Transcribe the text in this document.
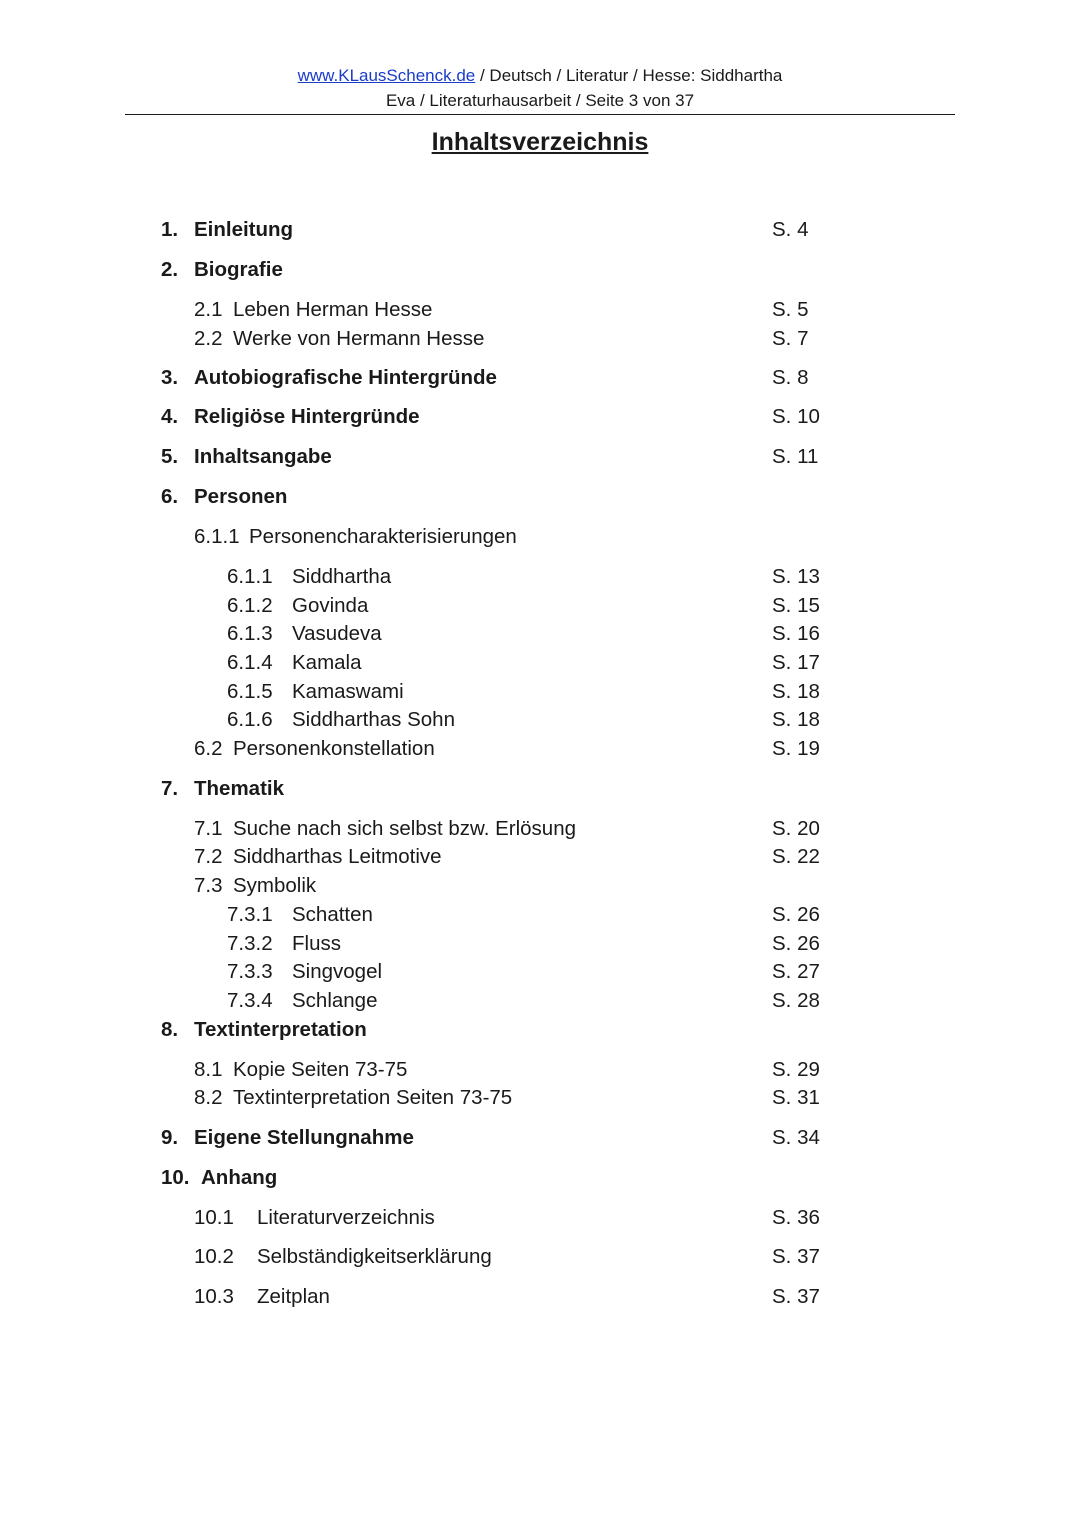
www.KLausSchenck.de / Deutsch / Literatur / Hesse: Siddhartha
Eva / Literaturhausarbeit / Seite 3 von 37
Inhaltsverzeichnis
1. Einleitung	S. 4
2. Biografie
2.1 Leben Herman Hesse	S. 5
2.2 Werke von Hermann Hesse	S. 7
3. Autobiografische Hintergründe	S. 8
4. Religiöse Hintergründe	S. 10
5. Inhaltsangabe	S. 11
6. Personen
6.1.1 Personencharakterisierungen
6.1.1 Siddhartha	S. 13
6.1.2 Govinda	S. 15
6.1.3 Vasudeva	S. 16
6.1.4 Kamala	S. 17
6.1.5 Kamaswami	S. 18
6.1.6 Siddharthas Sohn	S. 18
6.2 Personenkonstellation	S. 19
7. Thematik
7.1 Suche nach sich selbst bzw. Erlösung	S. 20
7.2 Siddharthas Leitmotive	S. 22
7.3 Symbolik
7.3.1 Schatten	S. 26
7.3.2 Fluss	S. 26
7.3.3 Singvogel	S. 27
7.3.4 Schlange	S. 28
8. Textinterpretation
8.1 Kopie Seiten 73-75	S. 29
8.2 Textinterpretation Seiten 73-75	S. 31
9. Eigene Stellungnahme	S. 34
10. Anhang
10.1 Literaturverzeichnis	S. 36
10.2 Selbständigkeitserklärung	S. 37
10.3 Zeitplan	S. 37
